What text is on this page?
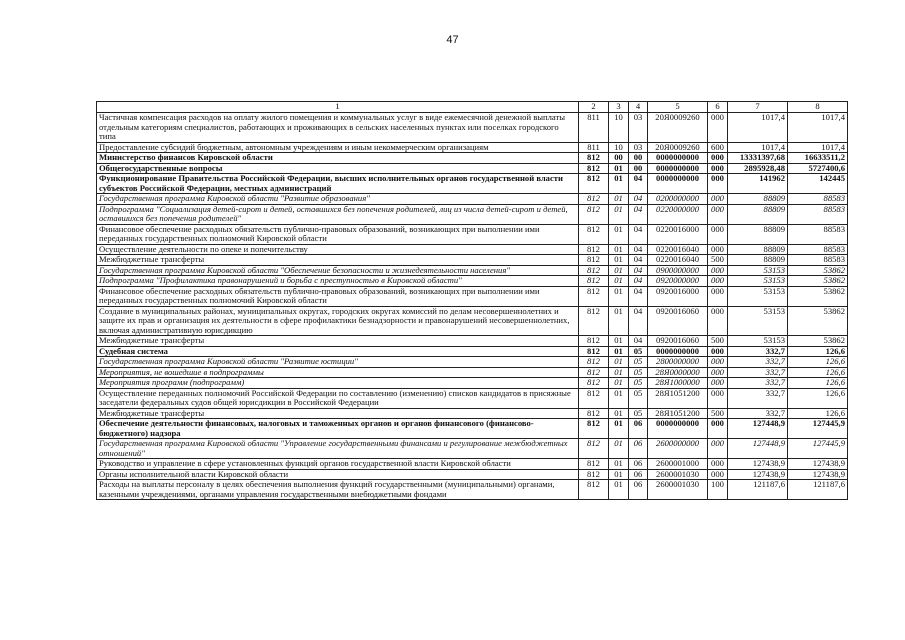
47
1	2	3	4	5	6	7	8
Частичная компенсация расходов на оплату жилого помещения и коммунальных услуг в виде ежемесячной денежной выплаты отдельным категориям специалистов, работающих и проживающих в сельских населенных пунктах или поселках городского типа	811	10	03	20Я0009260	000	1017,4	1017,4
Предоставление субсидий бюджетным, автономным учреждениям и иным некоммерческим организациям	811	10	03	20Я0009260	600	1017,4	1017,4
Министерство финансов Кировской области	812	00	00	0000000000	000	13331397,68	16633511,2
Общегосударственные вопросы	812	01	00	0000000000	000	2895928,48	5727400,6
Функционирование Правительства Российской Федерации, высших исполнительных органов государственной власти субъектов Российской Федерации, местных администраций	812	01	04	0000000000	000	141962	142445
Государственная программа Кировской области "Развитие образования"	812	01	04	0200000000	000	88809	88583
Подпрограмма "Социализация детей-сирот и детей, оставшихся без попечения родителей, лиц из числа детей-сирот и детей, оставшихся без попечения родителей"	812	01	04	0220000000	000	88809	88583
Финансовое обеспечение расходных обязательств публично-правовых образований, возникающих при выполнении ими переданных государственных полномочий Кировской области	812	01	04	0220016000	000	88809	88583
Осуществление деятельности по опеке и попечительству	812	01	04	0220016040	000	88809	88583
Межбюджетные трансферты	812	01	04	0220016040	500	88809	88583
Государственная программа Кировской области "Обеспечение безопасности и жизнедеятельности населения"	812	01	04	0900000000	000	53153	53862
Подпрограмма "Профилактика правонарушений и борьба с преступностью в Кировской области"	812	01	04	0920000000	000	53153	53862
Финансовое обеспечение расходных обязательств публично-правовых образований, возникающих при выполнении ими переданных государственных полномочий Кировской области	812	01	04	0920016000	000	53153	53862
Создание в муниципальных районах, муниципальных округах, городских округах комиссий по делам несовершеннолетних и защите их прав и организация их деятельности в сфере профилактики безнадзорности и правонарушений несовершеннолетних, включая административную юрисдикцию	812	01	04	0920016060	000	53153	53862
Межбюджетные трансферты	812	01	04	0920016060	500	53153	53862
Судебная система	812	01	05	0000000000	000	332,7	126,6
Государственная программа Кировской области "Развитие юстиции"	812	01	05	2800000000	000	332,7	126,6
Мероприятия, не вошедшие в подпрограммы	812	01	05	28Я0000000	000	332,7	126,6
Мероприятия программ (подпрограмм)	812	01	05	28Я1000000	000	332,7	126,6
Осуществление переданных полномочий Российской Федерации по составлению (изменению) списков кандидатов в присяжные заседатели федеральных судов общей юрисдикции в Российской Федерации	812	01	05	28Я1051200	000	332,7	126,6
Межбюджетные трансферты	812	01	05	28Я1051200	500	332,7	126,6
Обеспечение деятельности финансовых, налоговых и таможенных органов и органов финансового (финансово-бюджетного) надзора	812	01	06	0000000000	000	127448,9	127445,9
Государственная программа Кировской области "Управление государственными финансами и регулирование межбюджетных отношений"	812	01	06	2600000000	000	127448,9	127445,9
Руководство и управление в сфере установленных функций органов государственной власти Кировской области	812	01	06	2600001000	000	127438,9	127438,9
Органы исполнительной власти Кировской области	812	01	06	2600001030	000	127438,9	127438,9
Расходы на выплаты персоналу в целях обеспечения выполнения функций государственными (муниципальными) органами, казенными учреждениями, органами управления государственными внебюджетными фондами	812	01	06	2600001030	100	121187,6	121187,6
